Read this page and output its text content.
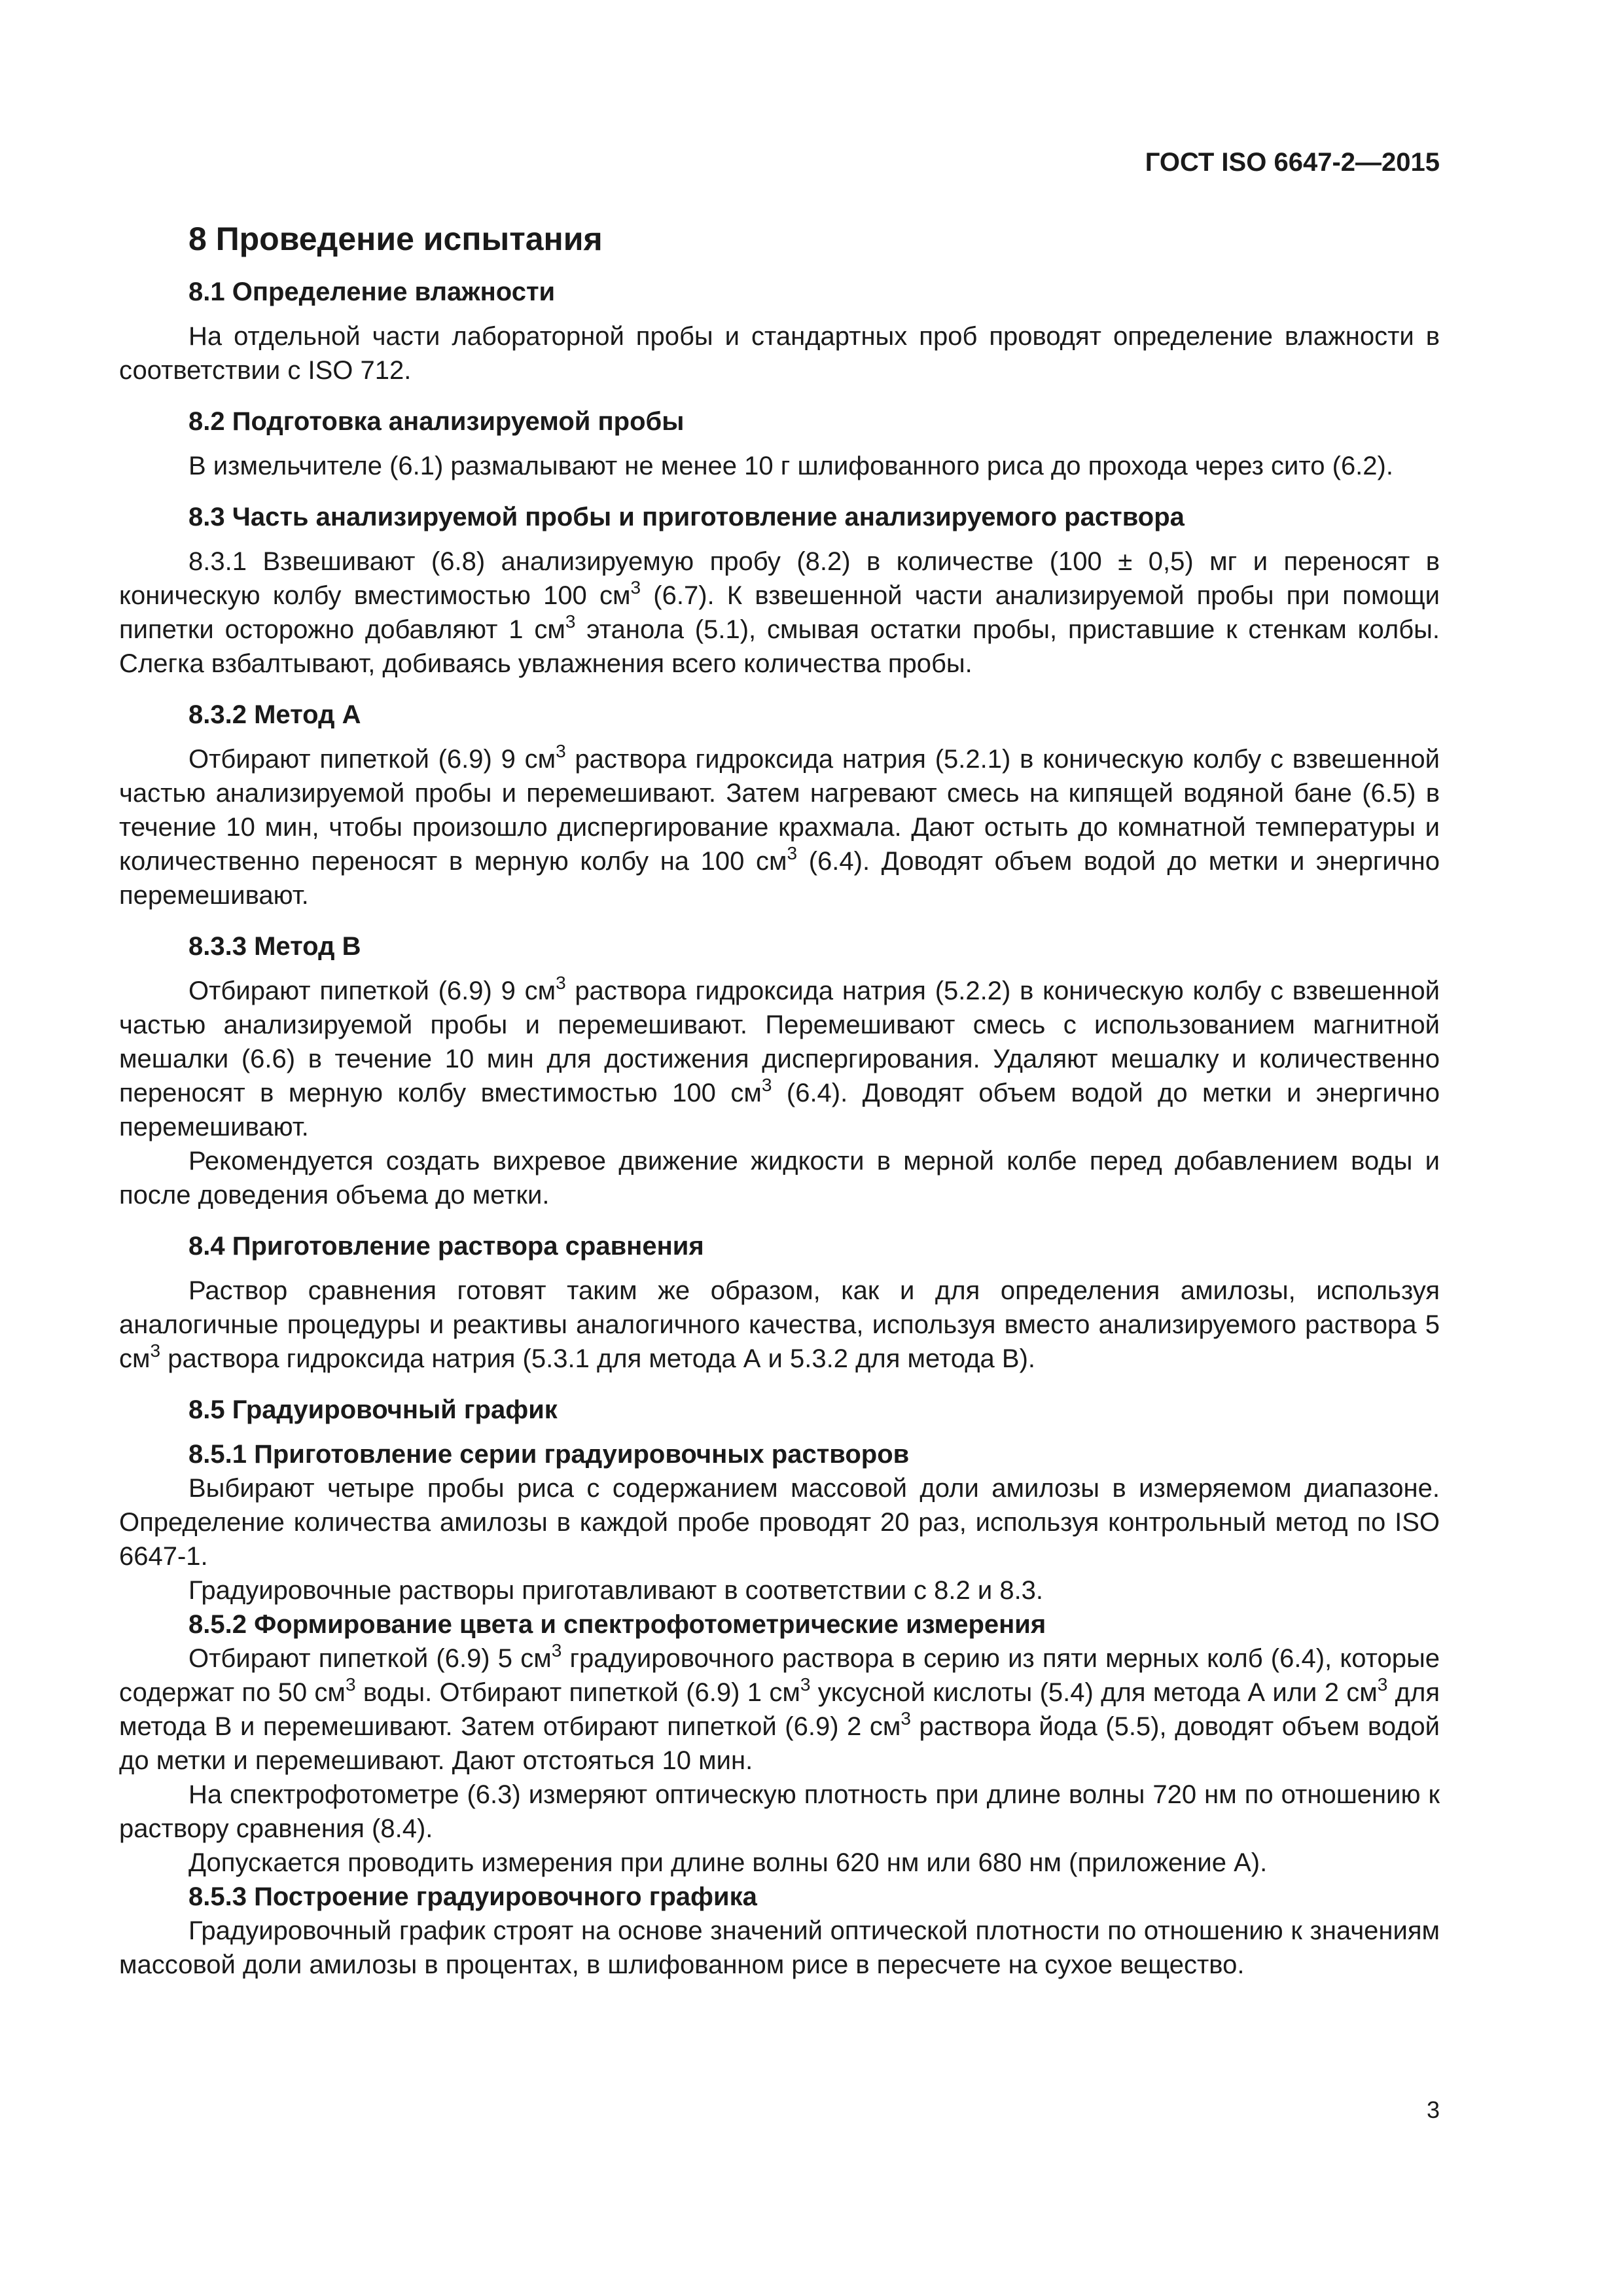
ГОСТ ISO 6647-2—2015
8 Проведение испытания
8.1 Определение влажности

На отдельной части лабораторной пробы и стандартных проб проводят определение влажности в соответствии с ISO 712.

8.2 Подготовка анализируемой пробы

В измельчителе (6.1) размалывают не менее 10 г шлифованного риса до прохода через сито (6.2).

8.3 Часть анализируемой пробы и приготовление анализируемого раствора

8.3.1 Взвешивают (6.8) анализируемую пробу (8.2) в количестве (100 ± 0,5) мг и переносят в коническую колбу вместимостью 100 $см^3$ (6.7). К взвешенной части анализируемой пробы при помощи пипетки осторожно добавляют 1 $см^3$ этанола (5.1), смывая остатки пробы, приставшие к стенкам колбы. Слегка взбалтывают, добиваясь увлажнения всего количества пробы.

8.3.2 Метод А

Отбирают пипеткой (6.9) 9 $см^3$ раствора гидроксида натрия (5.2.1) в коническую колбу с взвешенной частью анализируемой пробы и перемешивают. Затем нагревают смесь на кипящей водяной бане (6.5) в течение 10 мин, чтобы произошло диспергирование крахмала. Дают остыть до комнатной температуры и количественно переносят в мерную колбу на 100 $см^3$ (6.4). Доводят объем водой до метки и энергично перемешивают.

8.3.3 Метод В

Отбирают пипеткой (6.9) 9 $см^3$ раствора гидроксида натрия (5.2.2) в коническую колбу с взвешенной частью анализируемой пробы и перемешивают. Перемешивают смесь с использованием магнитной мешалки (6.6) в течение 10 мин для достижения диспергирования. Удаляют мешалку и количественно переносят в мерную колбу вместимостью 100 $см^3$ (6.4). Доводят объем водой до метки и энергично перемешивают.

Рекомендуется создать вихревое движение жидкости в мерной колбе перед добавлением воды и после доведения объема до метки.

8.4 Приготовление раствора сравнения

Раствор сравнения готовят таким же образом, как и для определения амилозы, используя аналогичные процедуры и реактивы аналогичного качества, используя вместо анализируемого раствора 5 $см^3$ раствора гидроксида натрия (5.3.1 для метода А и 5.3.2 для метода В).

8.5 Градуировочный график
8.5.1 Приготовление серии градуировочных растворов

Выбирают четыре пробы риса с содержанием массовой доли амилозы в измеряемом диапазоне. Определение количества амилозы в каждой пробе проводят 20 раз, используя контрольный метод по ISO 6647-1.

Градуировочные растворы приготавливают в соответствии с 8.2 и 8.3.

8.5.2 Формирование цвета и спектрофотометрические измерения

Отбирают пипеткой (6.9) 5 $см^3$ градуировочного раствора в серию из пяти мерных колб (6.4), которые содержат по 50 $см^3$ воды. Отбирают пипеткой (6.9) 1 $см^3$ уксусной кислоты (5.4) для метода А или 2 $см^3$ для метода В и перемешивают. Затем отбирают пипеткой (6.9) 2 $см^3$ раствора йода (5.5), доводят объем водой до метки и перемешивают. Дают отстояться 10 мин.

На спектрофотометре (6.3) измеряют оптическую плотность при длине волны 720 нм по отношению к раствору сравнения (8.4).

Допускается проводить измерения при длине волны 620 нм или 680 нм (приложение А).

8.5.3 Построение градуировочного графика

Градуировочный график строят на основе значений оптической плотности по отношению к значениям массовой доли амилозы в процентах, в шлифованном рисе в пересчете на сухое вещество.

3
